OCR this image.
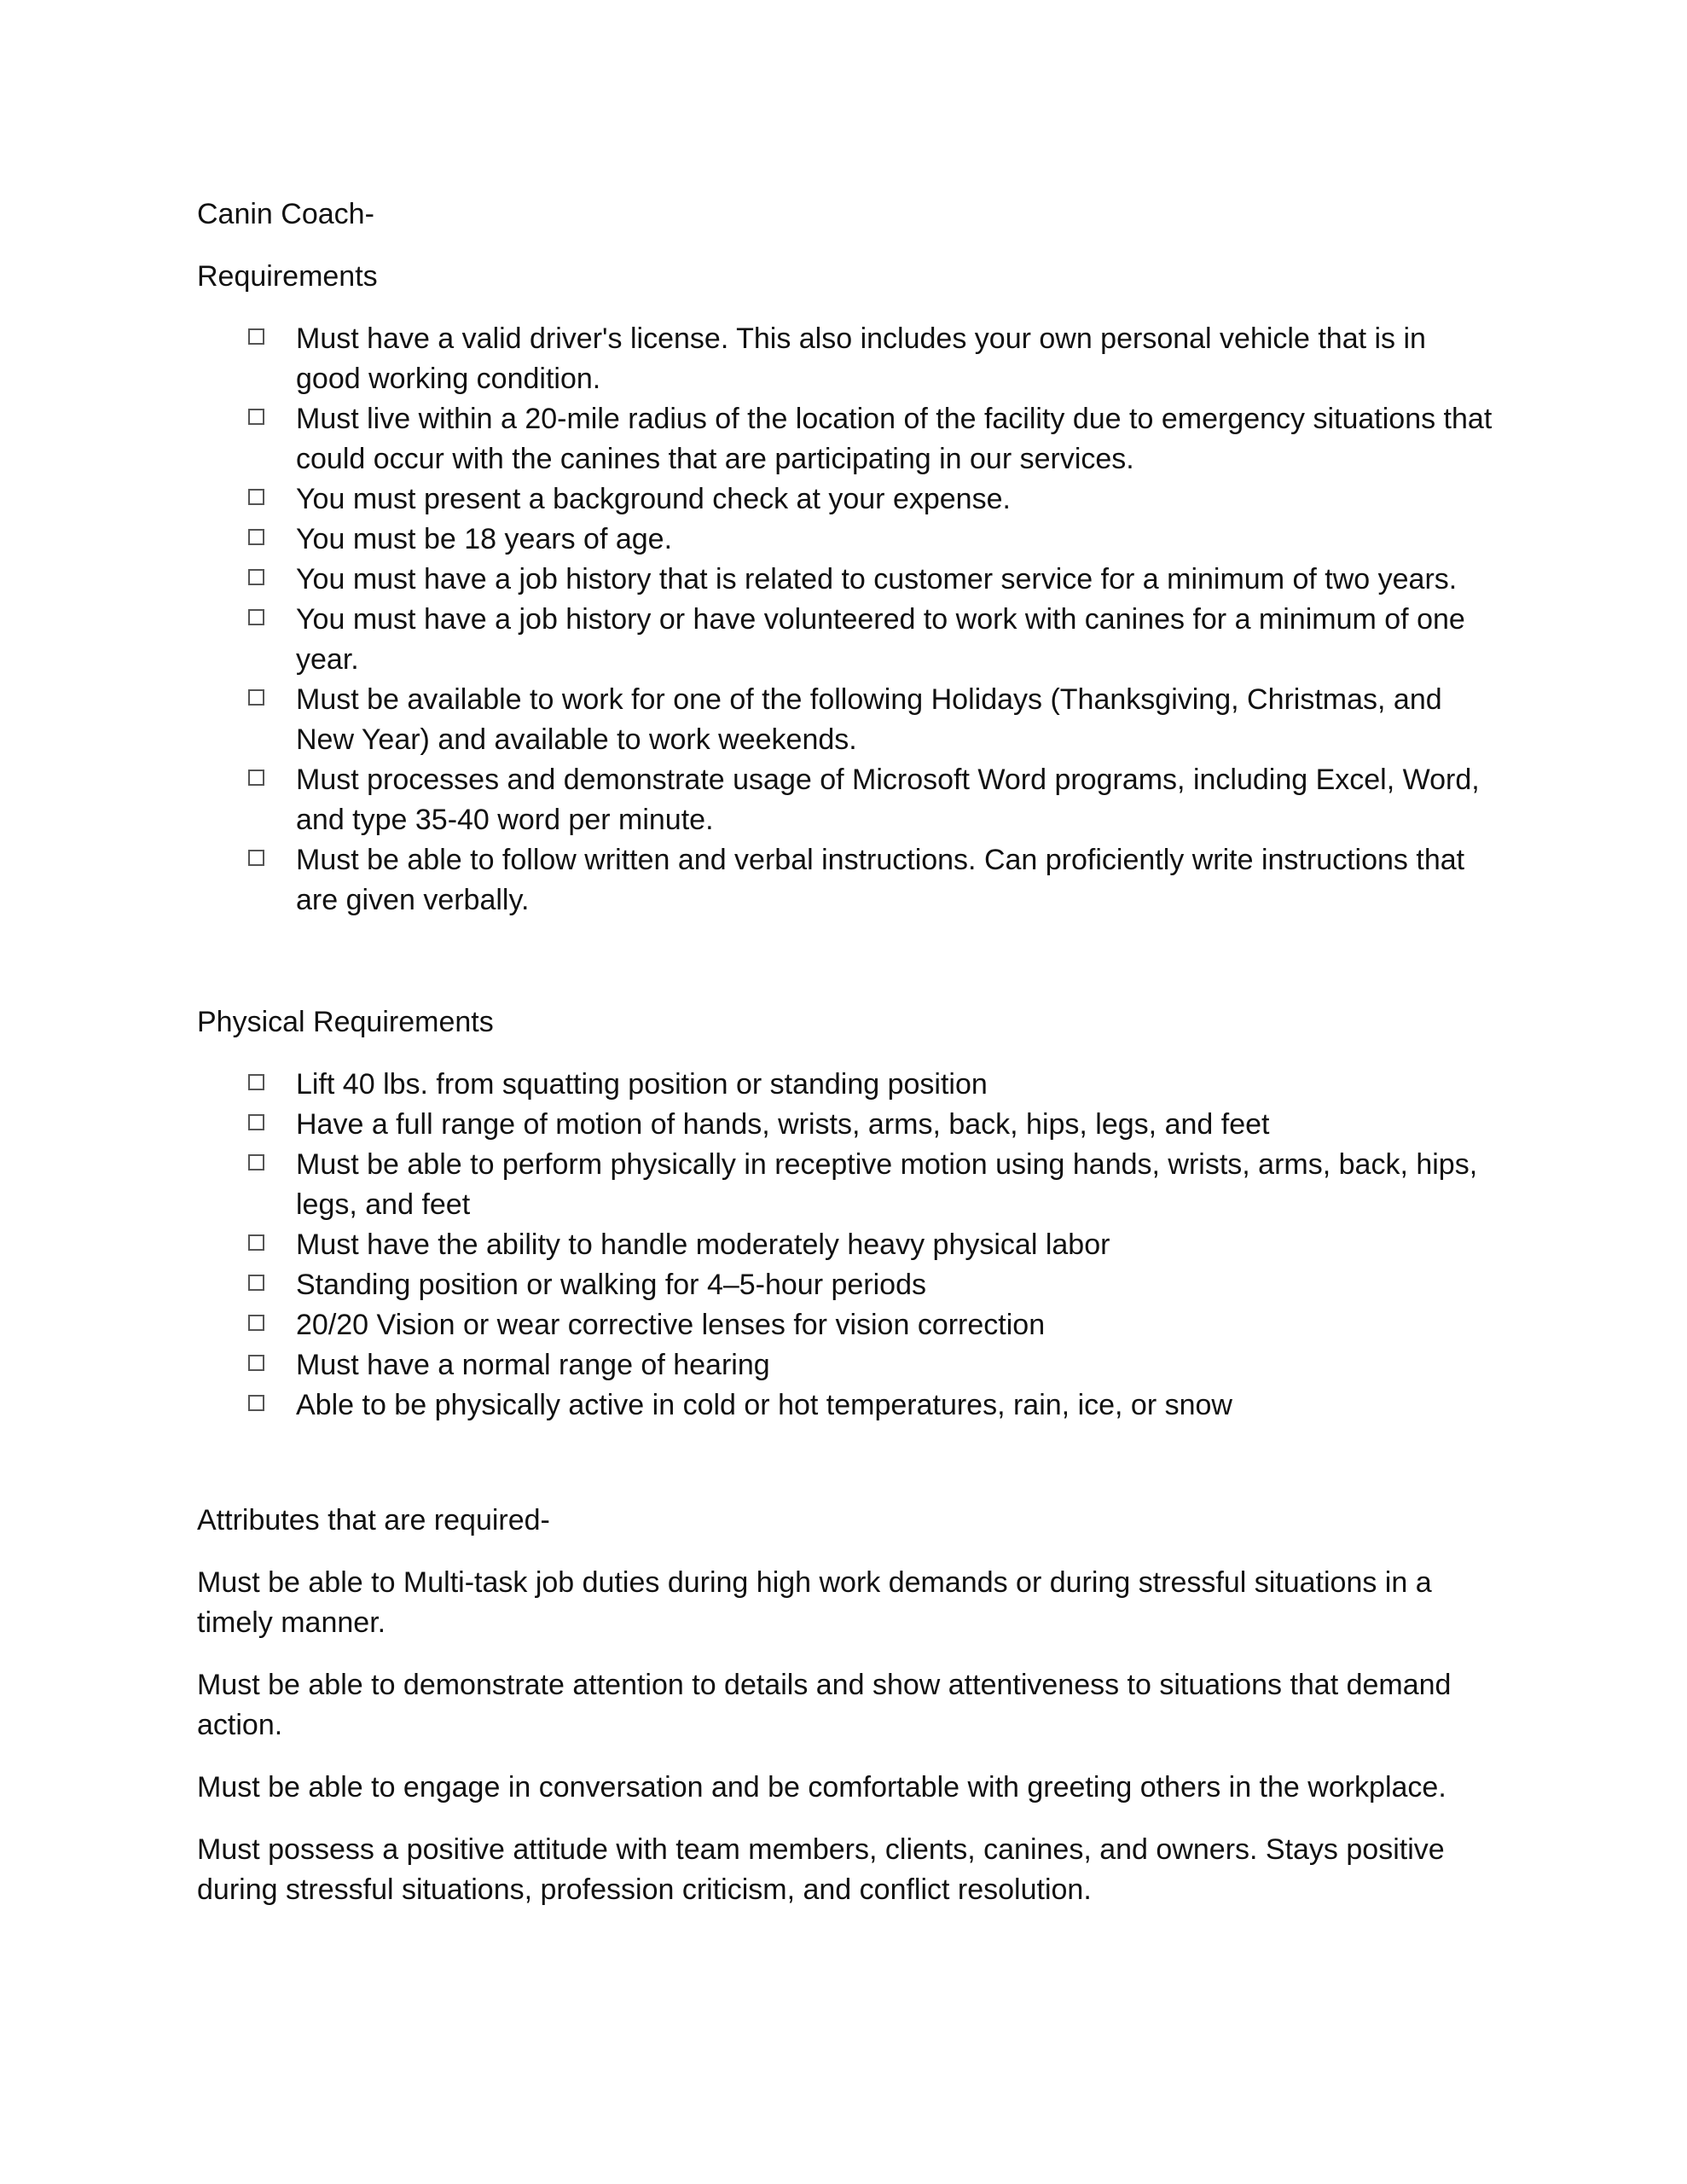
Canin Coach-

Requirements

Must have a valid driver's license. This also includes your own personal vehicle that is in good working condition.
Must live within a 20-mile radius of the location of the facility due to emergency situations that could occur with the canines that are participating in our services.
You must present a background check at your expense.
You must be 18 years of age.
You must have a job history that is related to customer service for a minimum of two years.
You must have a job history or have volunteered to work with canines for a minimum of one year.
Must be available to work for one of the following Holidays (Thanksgiving, Christmas, and New Year) and available to work weekends.
Must processes and demonstrate usage of Microsoft Word programs, including Excel, Word, and type 35-40 word per minute.
Must be able to follow written and verbal instructions. Can proficiently write instructions that are given verbally.

Physical Requirements

Lift 40 lbs. from squatting position or standing position
Have a full range of motion of hands, wrists, arms, back, hips, legs, and feet
Must be able to perform physically in receptive motion using hands, wrists, arms, back, hips, legs, and feet
Must have the ability to handle moderately heavy physical labor
Standing position or walking for 4–5-hour periods
20/20 Vision or wear corrective lenses for vision correction
Must have a normal range of hearing
Able to be physically active in cold or hot temperatures, rain, ice, or snow

Attributes that are required-

Must be able to Multi-task job duties during high work demands or during stressful situations in a timely manner.

Must be able to demonstrate attention to details and show attentiveness to situations that demand action.

Must be able to engage in conversation and be comfortable with greeting others in the workplace.

Must possess a positive attitude with team members, clients, canines, and owners. Stays positive during stressful situations, profession criticism, and conflict resolution.
